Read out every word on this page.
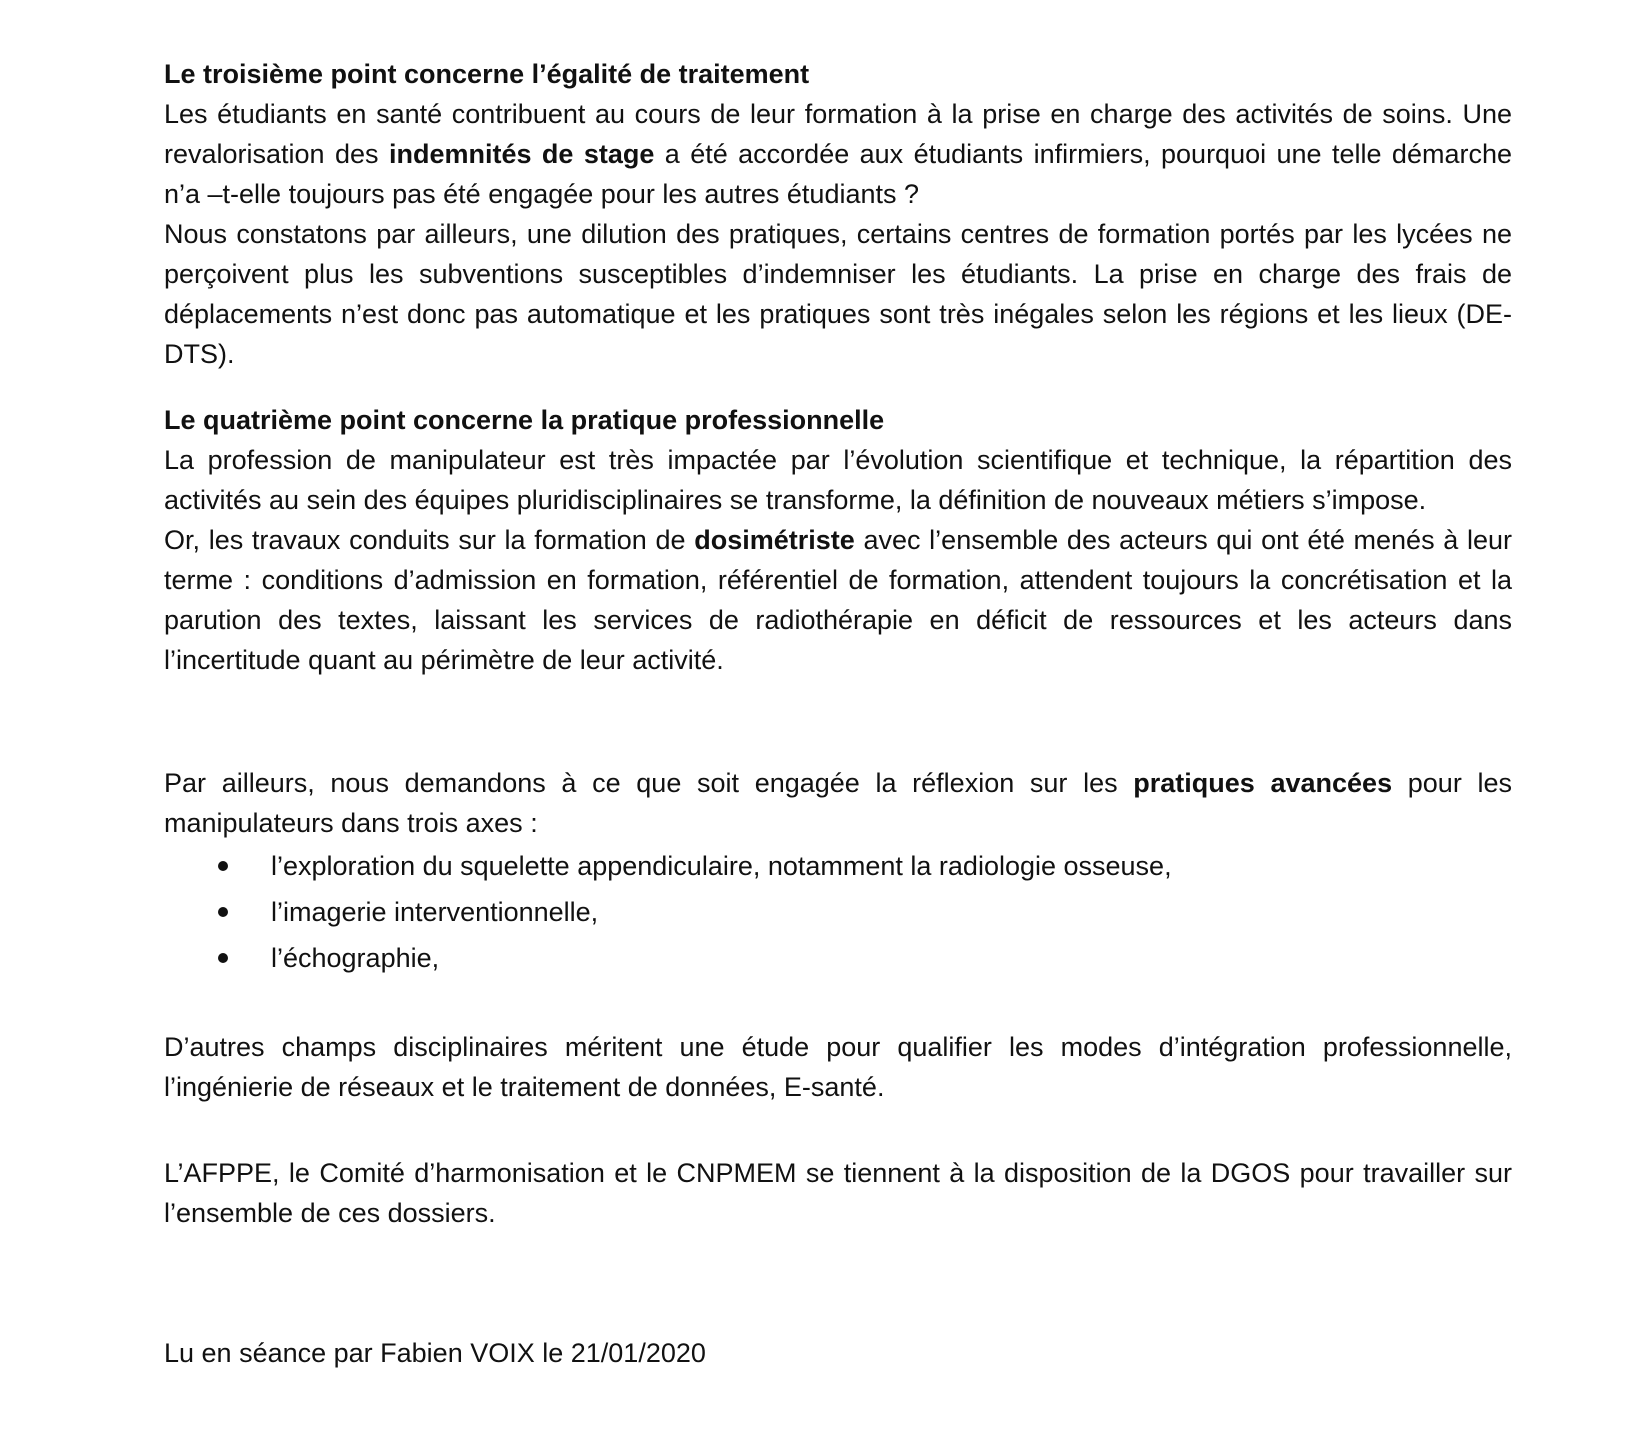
Le troisième point concerne l’égalité de traitement

Les étudiants en santé contribuent au cours de leur formation à la prise en charge des activités de soins. Une revalorisation des indemnités de stage a été accordée aux étudiants infirmiers, pourquoi une telle démarche n’a –t-elle toujours pas été engagée pour les autres étudiants ?

Nous constatons par ailleurs, une dilution des pratiques, certains centres de formation portés par les lycées ne perçoivent plus les subventions susceptibles d’indemniser les étudiants. La prise en charge des frais de déplacements n’est donc pas automatique et les pratiques sont très inégales selon les régions et les lieux (DE-DTS).

Le quatrième point concerne la pratique professionnelle

La profession de manipulateur est très impactée par l’évolution scientifique et technique, la répartition des activités au sein des équipes pluridisciplinaires se transforme, la définition de nouveaux métiers s’impose.

Or, les travaux conduits sur la formation de dosimétriste avec l’ensemble des acteurs qui ont été menés à leur terme : conditions d’admission en formation, référentiel de formation, attendent toujours la concrétisation et la parution des textes, laissant les services de radiothérapie en déficit de ressources et les acteurs dans l’incertitude quant au périmètre de leur activité.

Par ailleurs, nous demandons à ce que soit engagée la réflexion sur les pratiques avancées pour les manipulateurs dans trois axes :

l’exploration du squelette appendiculaire, notamment la radiologie osseuse,
l’imagerie interventionnelle,
l’échographie,

D’autres champs disciplinaires méritent une étude pour qualifier les modes d’intégration professionnelle, l’ingénierie de réseaux et le traitement de données, E-santé.

L’AFPPE, le Comité d’harmonisation et le CNPMEM se tiennent à la disposition de la DGOS pour travailler sur l’ensemble de ces dossiers.

Lu en séance par Fabien VOIX le 21/01/2020
